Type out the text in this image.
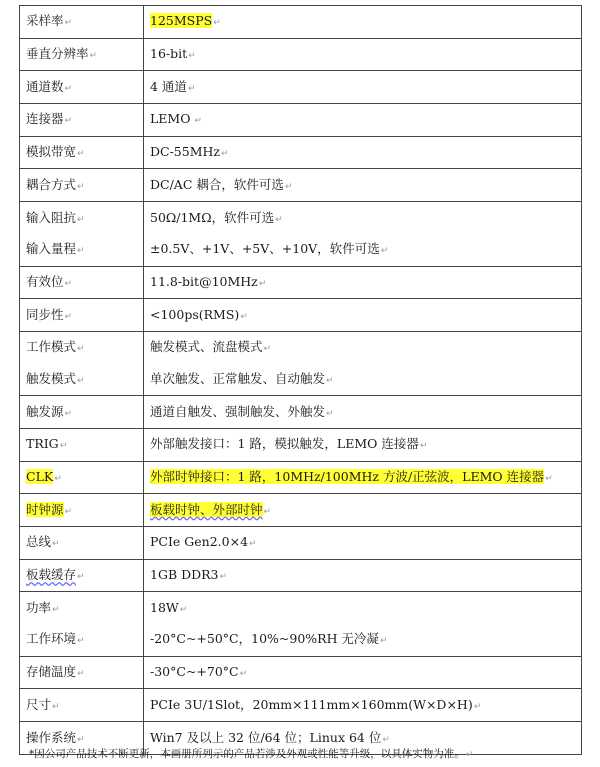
采样率↵	125MSPS↵
垂直分辨率↵	16-bit↵
通道数↵	4 通道↵
连接器↵	LEMO ↵
模拟带宽↵	DC-55MHz↵
耦合方式↵	DC/AC 耦合，软件可选↵
输入阻抗↵	50Ω/1MΩ，软件可选↵
输入量程↵	±0.5V、+1V、+5V、+10V，软件可选↵
有效位↵	11.8-bit@10MHz↵
同步性↵	<100ps(RMS)↵
工作模式↵	触发模式、流盘模式↵
触发模式↵	单次触发、正常触发、自动触发↵
触发源↵	通道自触发、强制触发、外触发↵
TRIG↵	外部触发接口：1 路，模拟触发，LEMO 连接器↵
CLK↵	外部时钟接口：1 路，10MHz/100MHz 方波/正弦波，LEMO 连接器↵
时钟源↵	板载时钟、外部时钟↵
总线↵	PCIe Gen2.0×4↵
板载缓存↵	1GB DDR3↵
功率↵	18W↵
工作环境↵	-20°C~+50°C，10%~90%RH 无冷凝↵
存储温度↵	-30°C~+70°C↵
尺寸↵	PCIe 3U/1Slot，20mm×111mm×160mm(W×D×H)↵
操作系统↵	Win7 及以上 32 位/64 位；Linux 64 位↵
*因公司产品技术不断更新，本画册所列示的产品若涉及外观或性能等升级，以具体实物为准。↵
